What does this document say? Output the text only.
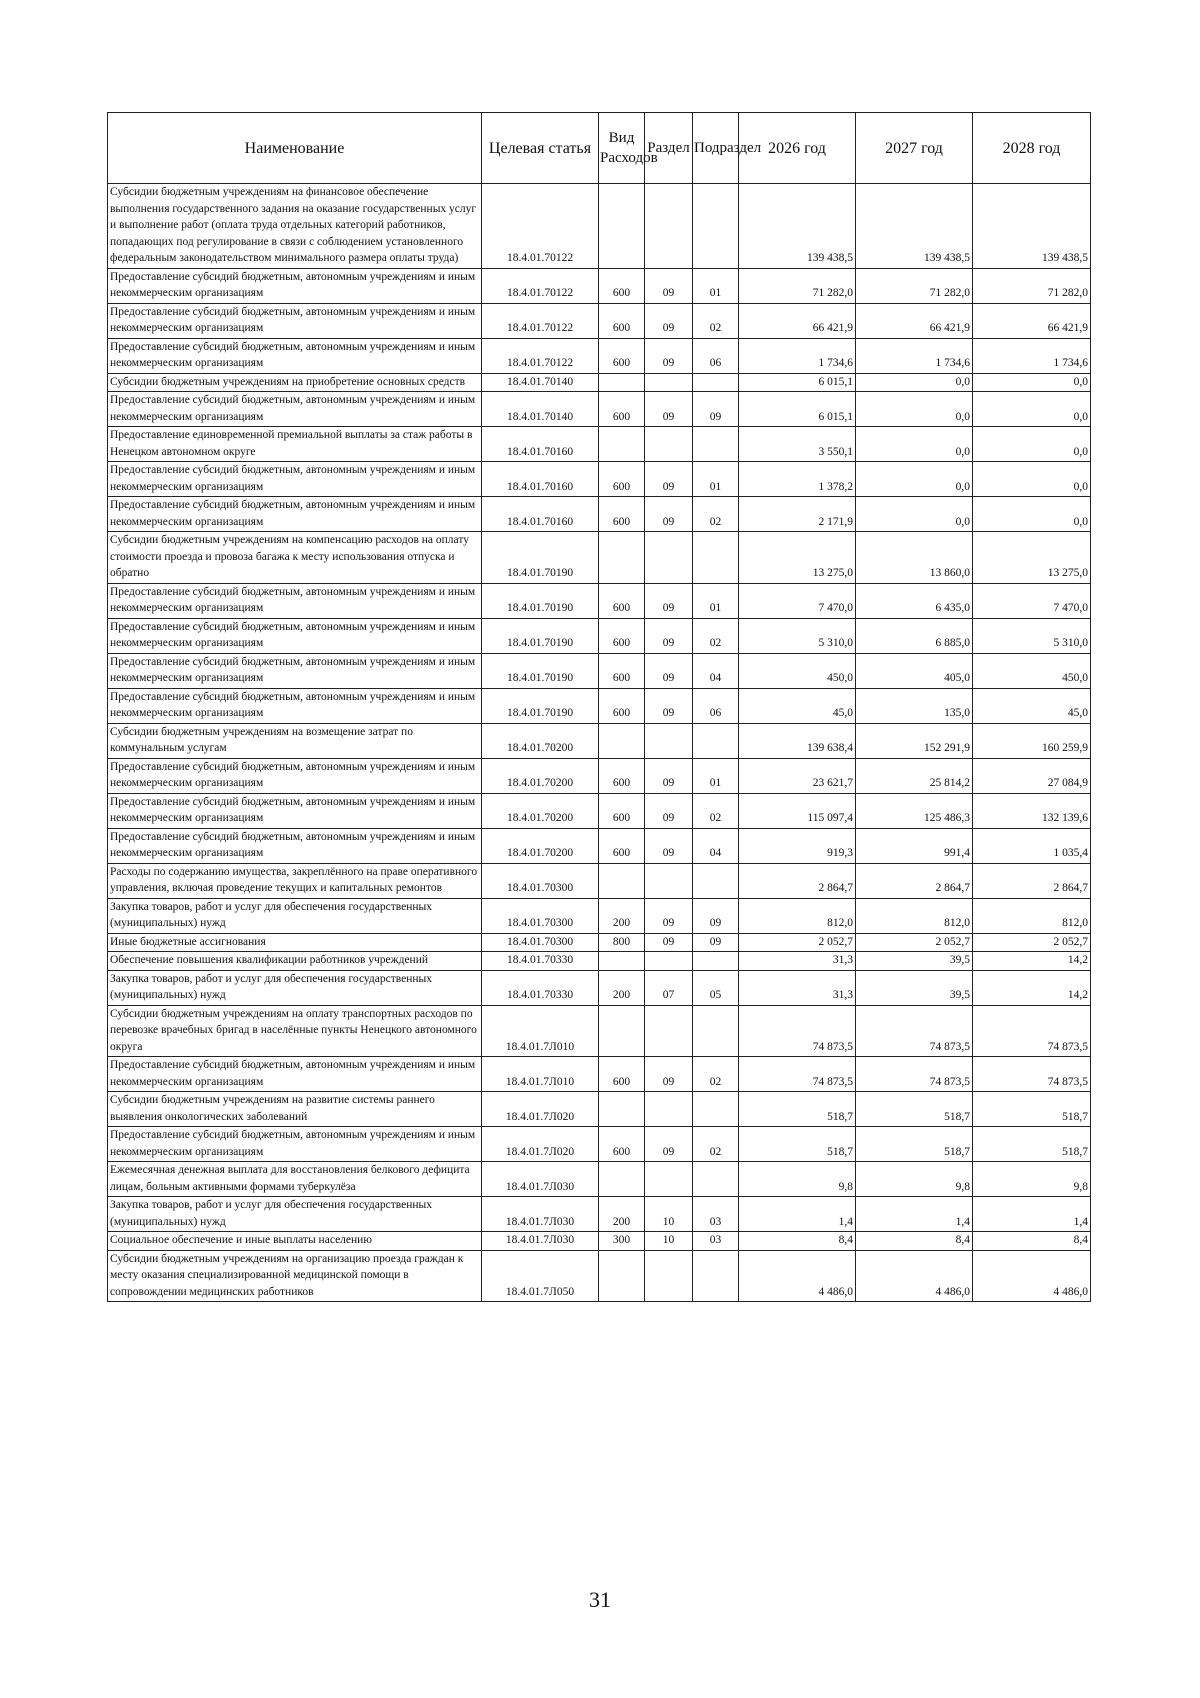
Наименование	Целевая статья	Вид Расходов	Раздел	Подраздел	2026 год	2027 год	2028 год
Субсидии бюджетным учреждениям на финансовое обеспечение выполнения государственного задания на оказание государственных услуг и выполнение работ (оплата труда отдельных категорий работников, попадающих под регулирование в связи с соблюдением установленного федеральным законодательством минимального размера оплаты труда)	18.4.01.70122				139 438,5	139 438,5	139 438,5
Предоставление субсидий бюджетным, автономным учреждениям и иным некоммерческим организациям	18.4.01.70122	600	09	01	71 282,0	71 282,0	71 282,0
Предоставление субсидий бюджетным, автономным учреждениям и иным некоммерческим организациям	18.4.01.70122	600	09	02	66 421,9	66 421,9	66 421,9
Предоставление субсидий бюджетным, автономным учреждениям и иным некоммерческим организациям	18.4.01.70122	600	09	06	1 734,6	1 734,6	1 734,6
Субсидии бюджетным учреждениям на приобретение основных средств	18.4.01.70140				6 015,1	0,0	0,0
Предоставление субсидий бюджетным, автономным учреждениям и иным некоммерческим организациям	18.4.01.70140	600	09	09	6 015,1	0,0	0,0
Предоставление единовременной премиальной выплаты за стаж работы в Ненецком автономном округе	18.4.01.70160				3 550,1	0,0	0,0
Предоставление субсидий бюджетным, автономным учреждениям и иным некоммерческим организациям	18.4.01.70160	600	09	01	1 378,2	0,0	0,0
Предоставление субсидий бюджетным, автономным учреждениям и иным некоммерческим организациям	18.4.01.70160	600	09	02	2 171,9	0,0	0,0
Субсидии бюджетным учреждениям на компенсацию расходов на оплату стоимости проезда и провоза багажа к месту использования отпуска и обратно	18.4.01.70190				13 275,0	13 860,0	13 275,0
Предоставление субсидий бюджетным, автономным учреждениям и иным некоммерческим организациям	18.4.01.70190	600	09	01	7 470,0	6 435,0	7 470,0
Предоставление субсидий бюджетным, автономным учреждениям и иным некоммерческим организациям	18.4.01.70190	600	09	02	5 310,0	6 885,0	5 310,0
Предоставление субсидий бюджетным, автономным учреждениям и иным некоммерческим организациям	18.4.01.70190	600	09	04	450,0	405,0	450,0
Предоставление субсидий бюджетным, автономным учреждениям и иным некоммерческим организациям	18.4.01.70190	600	09	06	45,0	135,0	45,0
Субсидии бюджетным учреждениям на возмещение затрат по коммунальным услугам	18.4.01.70200				139 638,4	152 291,9	160 259,9
Предоставление субсидий бюджетным, автономным учреждениям и иным некоммерческим организациям	18.4.01.70200	600	09	01	23 621,7	25 814,2	27 084,9
Предоставление субсидий бюджетным, автономным учреждениям и иным некоммерческим организациям	18.4.01.70200	600	09	02	115 097,4	125 486,3	132 139,6
Предоставление субсидий бюджетным, автономным учреждениям и иным некоммерческим организациям	18.4.01.70200	600	09	04	919,3	991,4	1 035,4
Расходы по содержанию имущества, закреплённого на праве оперативного управления, включая проведение текущих и капитальных ремонтов	18.4.01.70300				2 864,7	2 864,7	2 864,7
Закупка товаров, работ и услуг для обеспечения государственных (муниципальных) нужд	18.4.01.70300	200	09	09	812,0	812,0	812,0
Иные бюджетные ассигнования	18.4.01.70300	800	09	09	2 052,7	2 052,7	2 052,7
Обеспечение повышения квалификации работников учреждений	18.4.01.70330				31,3	39,5	14,2
Закупка товаров, работ и услуг для обеспечения государственных (муниципальных) нужд	18.4.01.70330	200	07	05	31,3	39,5	14,2
Субсидии бюджетным учреждениям на оплату транспортных расходов по перевозке врачебных бригад в населённые пункты Ненецкого автономного округа	18.4.01.7Л010				74 873,5	74 873,5	74 873,5
Предоставление субсидий бюджетным, автономным учреждениям и иным некоммерческим организациям	18.4.01.7Л010	600	09	02	74 873,5	74 873,5	74 873,5
Субсидии бюджетным учреждениям на развитие системы раннего выявления онкологических заболеваний	18.4.01.7Л020				518,7	518,7	518,7
Предоставление субсидий бюджетным, автономным учреждениям и иным некоммерческим организациям	18.4.01.7Л020	600	09	02	518,7	518,7	518,7
Ежемесячная денежная выплата для восстановления белкового дефицита лицам, больным активными формами туберкулёза	18.4.01.7Л030				9,8	9,8	9,8
Закупка товаров, работ и услуг для обеспечения государственных (муниципальных) нужд	18.4.01.7Л030	200	10	03	1,4	1,4	1,4
Социальное обеспечение и иные выплаты населению	18.4.01.7Л030	300	10	03	8,4	8,4	8,4
Субсидии бюджетным учреждениям на организацию проезда граждан к месту оказания специализированной медицинской помощи в сопровождении медицинских работников	18.4.01.7Л050				4 486,0	4 486,0	4 486,0
31
